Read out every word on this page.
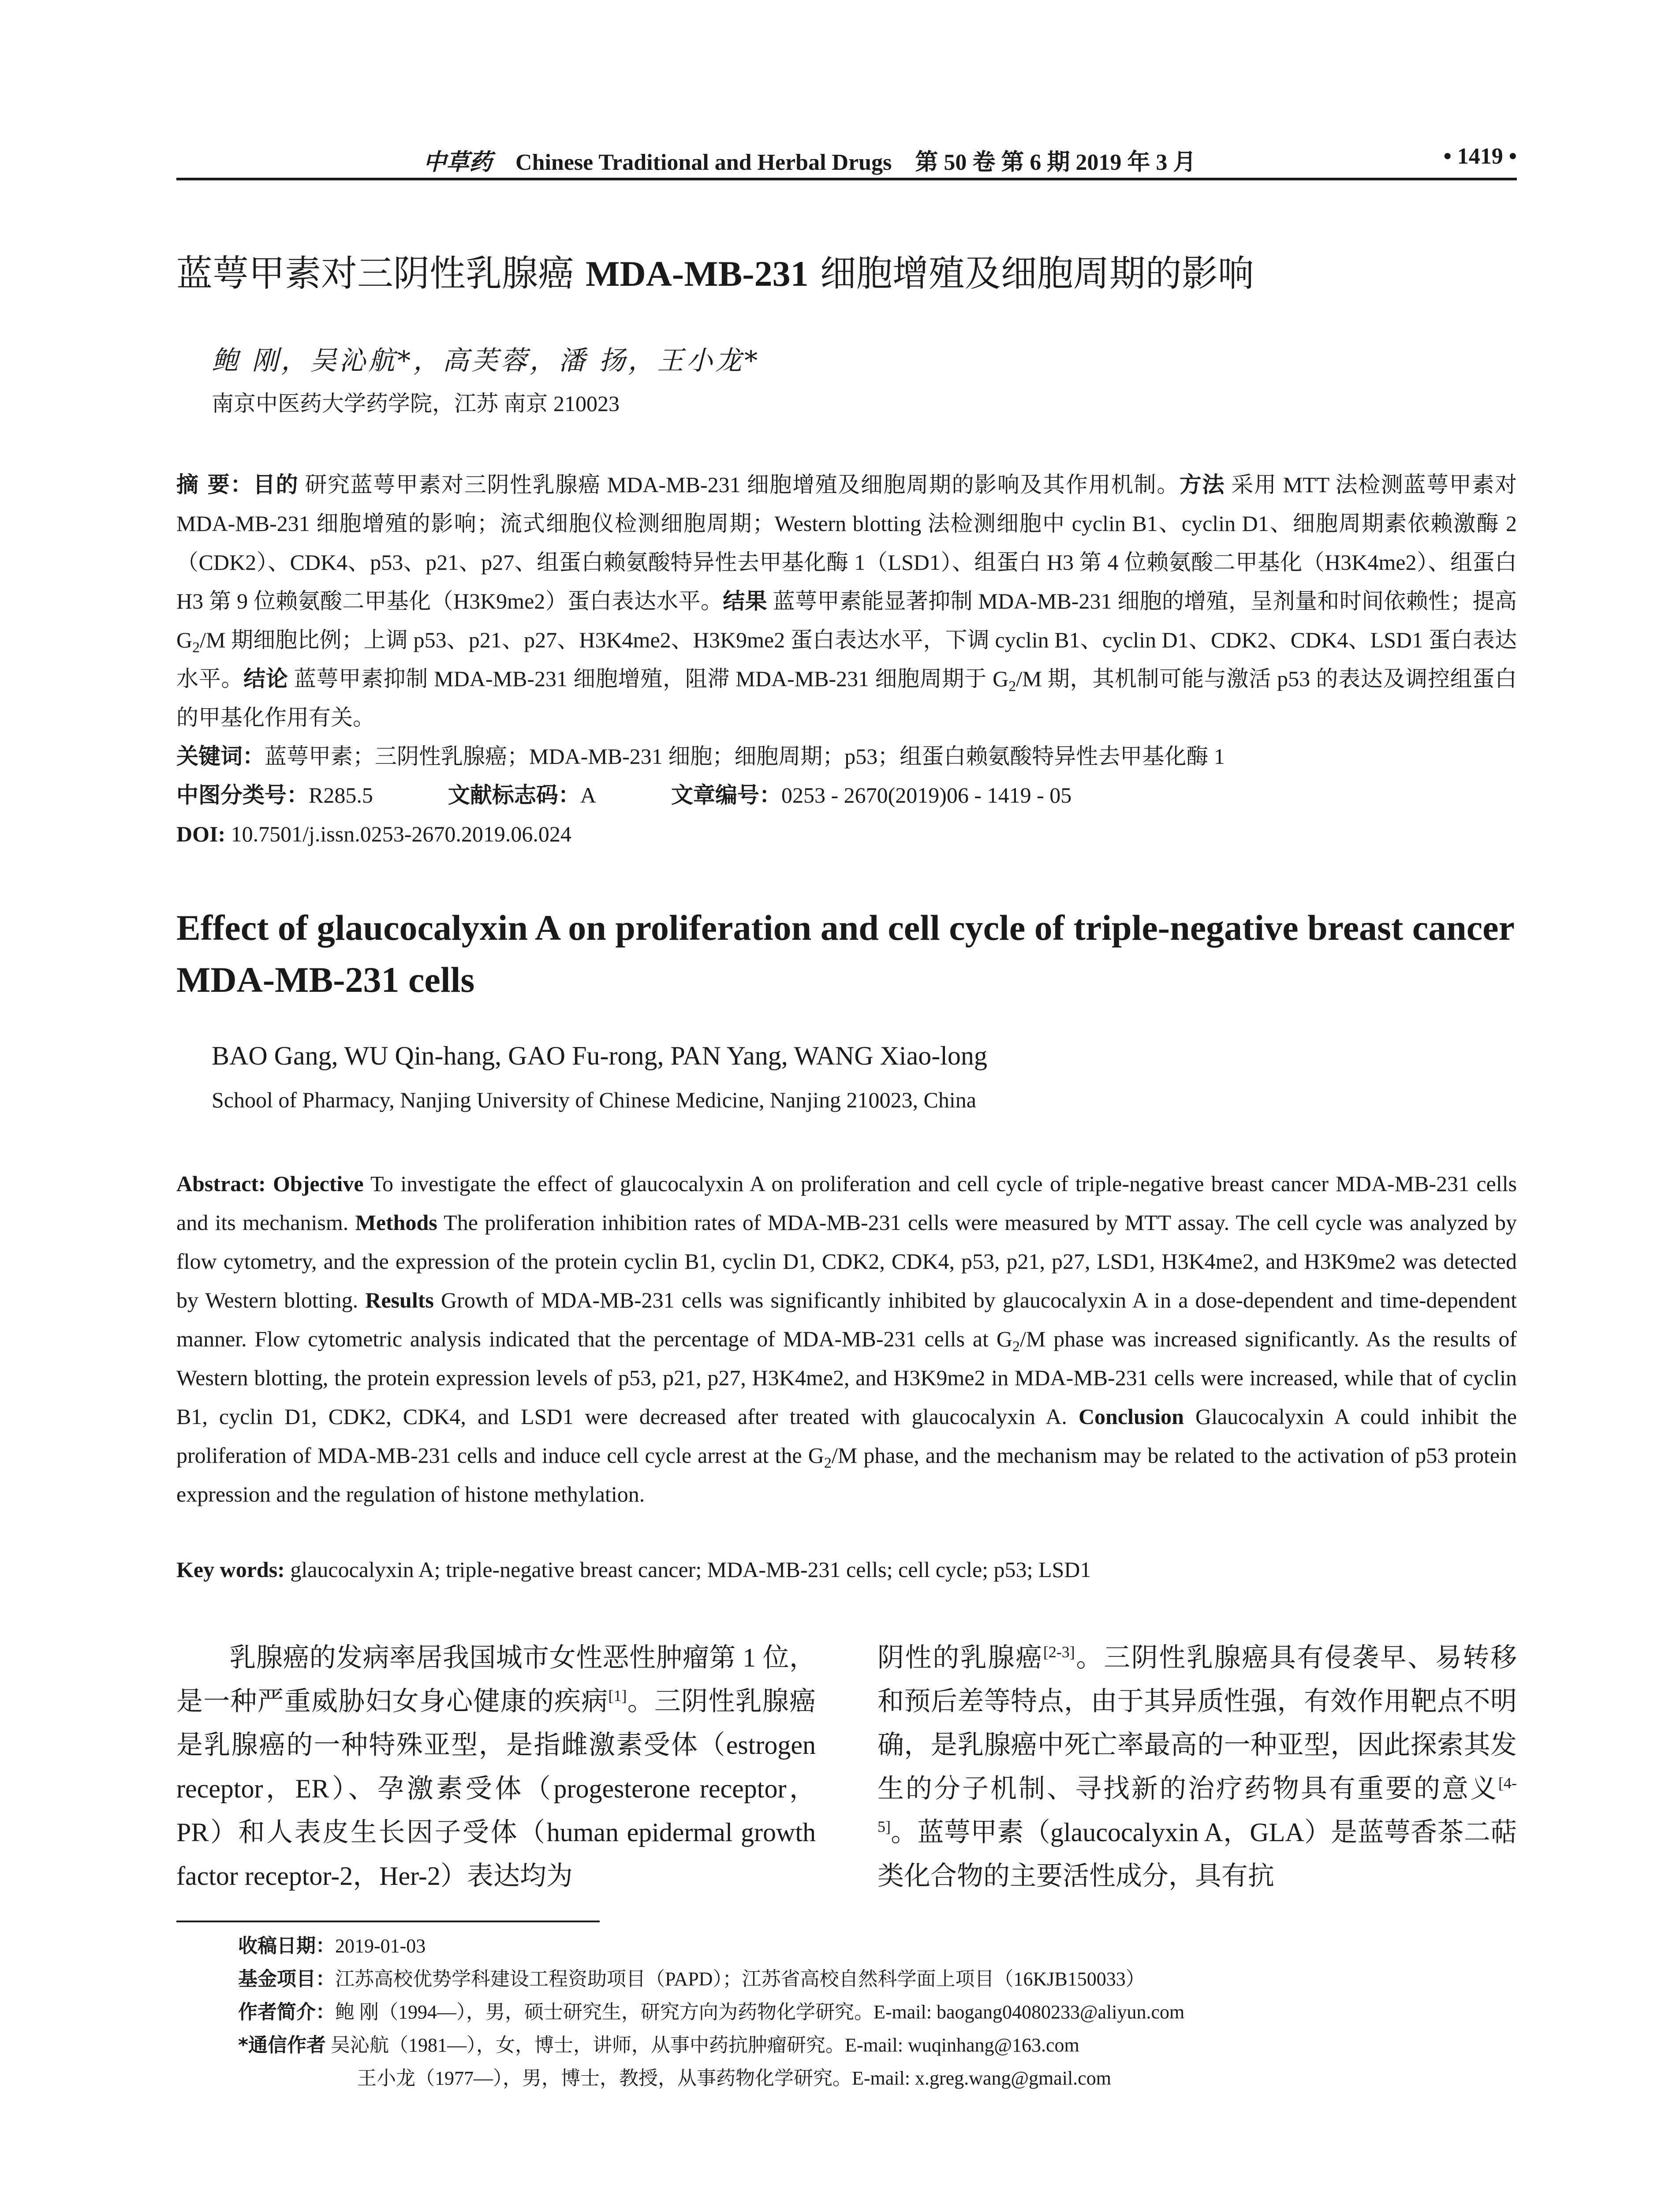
中草药 Chinese Traditional and Herbal Drugs 第 50 卷 第 6 期 2019 年 3 月	• 1419 •
蓝萼甲素对三阴性乳腺癌 MDA-MB-231 细胞增殖及细胞周期的影响
鲍 刚，吴沁航*，高芙蓉，潘 扬，王小龙*
南京中医药大学药学院，江苏 南京 210023
摘 要：目的 研究蓝萼甲素对三阴性乳腺癌 MDA-MB-231 细胞增殖及细胞周期的影响及其作用机制。方法 采用 MTT 法检测蓝萼甲素对 MDA-MB-231 细胞增殖的影响；流式细胞仪检测细胞周期；Western blotting 法检测细胞中 cyclin B1、cyclin D1、细胞周期素依赖激酶 2（CDK2）、CDK4、p53、p21、p27、组蛋白赖氨酸特异性去甲基化酶 1（LSD1）、组蛋白 H3 第 4 位赖氨酸二甲基化（H3K4me2）、组蛋白 H3 第 9 位赖氨酸二甲基化（H3K9me2）蛋白表达水平。结果 蓝萼甲素能显著抑制 MDA-MB-231 细胞的增殖，呈剂量和时间依赖性；提高 $G_2/M$ 期细胞比例；上调 p53、p21、p27、H3K4me2、H3K9me2 蛋白表达水平，下调 cyclin B1、cyclin D1、CDK2、CDK4、LSD1 蛋白表达水平。结论 蓝萼甲素抑制 MDA-MB-231 细胞增殖，阻滞 MDA-MB-231 细胞周期于 $G_2/M$ 期，其机制可能与激活 p53 的表达及调控组蛋白的甲基化作用有关。
关键词：蓝萼甲素；三阴性乳腺癌；MDA-MB-231 细胞；细胞周期；p53；组蛋白赖氨酸特异性去甲基化酶 1
中图分类号：R285.5	文献标志码：A	文章编号：0253 - 2670(2019)06 - 1419 - 05
DOI: 10.7501/j.issn.0253-2670.2019.06.024
Effect of glaucocalyxin A on proliferation and cell cycle of triple-negative breast cancer MDA-MB-231 cells
BAO Gang, WU Qin-hang, GAO Fu-rong, PAN Yang, WANG Xiao-long
School of Pharmacy, Nanjing University of Chinese Medicine, Nanjing 210023, China
Abstract: Objective To investigate the effect of glaucocalyxin A on proliferation and cell cycle of triple-negative breast cancer MDA-MB-231 cells and its mechanism. Methods The proliferation inhibition rates of MDA-MB-231 cells were measured by MTT assay. The cell cycle was analyzed by flow cytometry, and the expression of the protein cyclin B1, cyclin D1, CDK2, CDK4, p53, p21, p27, LSD1, H3K4me2, and H3K9me2 was detected by Western blotting. Results Growth of MDA-MB-231 cells was significantly inhibited by glaucocalyxin A in a dose-dependent and time-dependent manner. Flow cytometric analysis indicated that the percentage of MDA-MB-231 cells at $G_2/M$ phase was increased significantly. As the results of Western blotting, the protein expression levels of p53, p21, p27, H3K4me2, and H3K9me2 in MDA-MB-231 cells were increased, while that of cyclin B1, cyclin D1, CDK2, CDK4, and LSD1 were decreased after treated with glaucocalyxin A. Conclusion Glaucocalyxin A could inhibit the proliferation of MDA-MB-231 cells and induce cell cycle arrest at the $G_2/M$ phase, and the mechanism may be related to the activation of p53 protein expression and the regulation of histone methylation.
Key words: glaucocalyxin A; triple-negative breast cancer; MDA-MB-231 cells; cell cycle; p53; LSD1
乳腺癌的发病率居我国城市女性恶性肿瘤第 1 位，是一种严重威胁妇女身心健康的疾病[1]。三阴性乳腺癌是乳腺癌的一种特殊亚型，是指雌激素受体（estrogen receptor，ER）、孕激素受体（progesterone receptor，PR）和人表皮生长因子受体（human epidermal growth factor receptor-2，Her-2）表达均为
阴性的乳腺癌[2-3]。三阴性乳腺癌具有侵袭早、易转移和预后差等特点，由于其异质性强，有效作用靶点不明确，是乳腺癌中死亡率最高的一种亚型，因此探索其发生的分子机制、寻找新的治疗药物具有重要的意义[4-5]。蓝萼甲素（glaucocalyxin A，GLA）是蓝萼香茶二萜类化合物的主要活性成分，具有抗
收稿日期：2019-01-03
基金项目：江苏高校优势学科建设工程资助项目（PAPD）；江苏省高校自然科学面上项目（16KJB150033）
作者简介：鲍 刚（1994—），男，硕士研究生，研究方向为药物化学研究。E-mail: baogang04080233@aliyun.com
*通信作者 吴沁航（1981—），女，博士，讲师，从事中药抗肿瘤研究。E-mail: wuqinhang@163.com
王小龙（1977—），男，博士，教授，从事药物化学研究。E-mail: x.greg.wang@gmail.com
